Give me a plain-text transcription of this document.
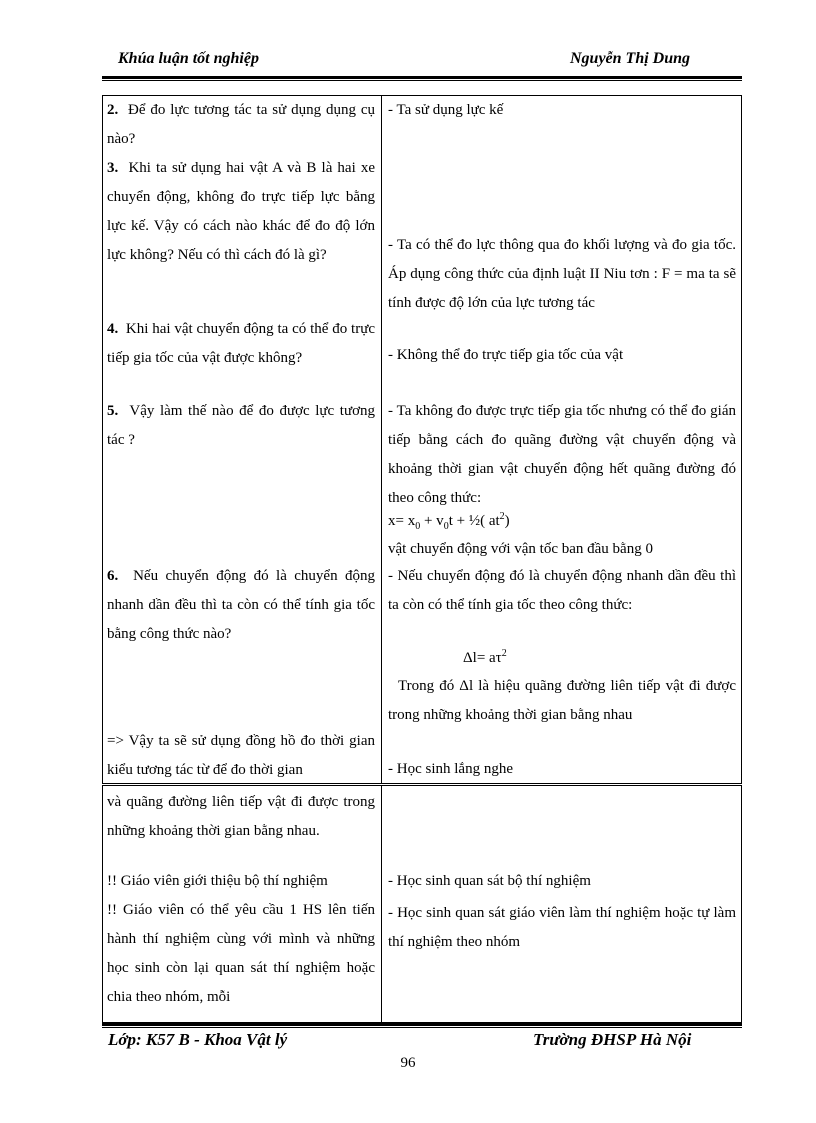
Khúa luận tốt nghiệp	Nguyễn Thị Dung
2. Để đo lực tương tác ta sử dụng dụng cụ nào?
3. Khi ta sử dụng hai vật A và B là hai xe chuyển động, không đo trực tiếp lực bằng lực kế. Vậy có cách nào khác để đo độ lớn lực không? Nếu có thì cách đó là gì?
4. Khi hai vật chuyển động ta có thể đo trực tiếp gia tốc của vật được không?
5. Vậy làm thế nào để đo được lực tương tác ?
6. Nếu chuyển động đó là chuyển động nhanh dần đều thì ta còn có thể tính gia tốc bằng công thức nào?
=> Vậy ta sẽ sử dụng đồng hồ đo thời gian kiểu tương tác từ để đo thời gian
- Ta sử dụng lực kế
- Ta có thể đo lực thông qua đo khối lượng và đo gia tốc. Áp dụng công thức của định luật II Niu tơn : F = ma ta sẽ tính được độ lớn của lực tương tác
- Không thể đo trực tiếp gia tốc của vật
- Ta không đo được trực tiếp gia tốc nhưng có thể đo gián tiếp bằng cách đo quãng đường vật chuyển động và khoảng thời gian vật chuyển động hết quãng đường đó theo công thức:
$x= x_0 + v_0t$ + ½( $at^2$)
vật chuyển động với vận tốc ban đầu bằng 0
- Nếu chuyển động đó là chuyển động nhanh dần đều thì ta còn có thể tính gia tốc theo công thức:
$\Delta l= a\tau^2$
Trong đó Δl là hiệu quãng đường liên tiếp vật đi được trong những khoảng thời gian bằng nhau
- Học sinh lắng nghe
và quãng đường liên tiếp vật đi được trong những khoảng thời gian bằng nhau.
!! Giáo viên giới thiệu bộ thí nghiệm
!! Giáo viên có thể yêu cầu 1 HS lên tiến hành thí nghiệm cùng với mình và những học sinh còn lại quan sát thí nghiệm hoặc chia theo nhóm, mỗi
- Học sinh quan sát bộ thí nghiệm
- Học sinh quan sát giáo viên làm thí nghiệm hoặc tự làm thí nghiệm theo nhóm
Lớp: K57 B - Khoa Vật lý	Trường ĐHSP Hà Nội
96
